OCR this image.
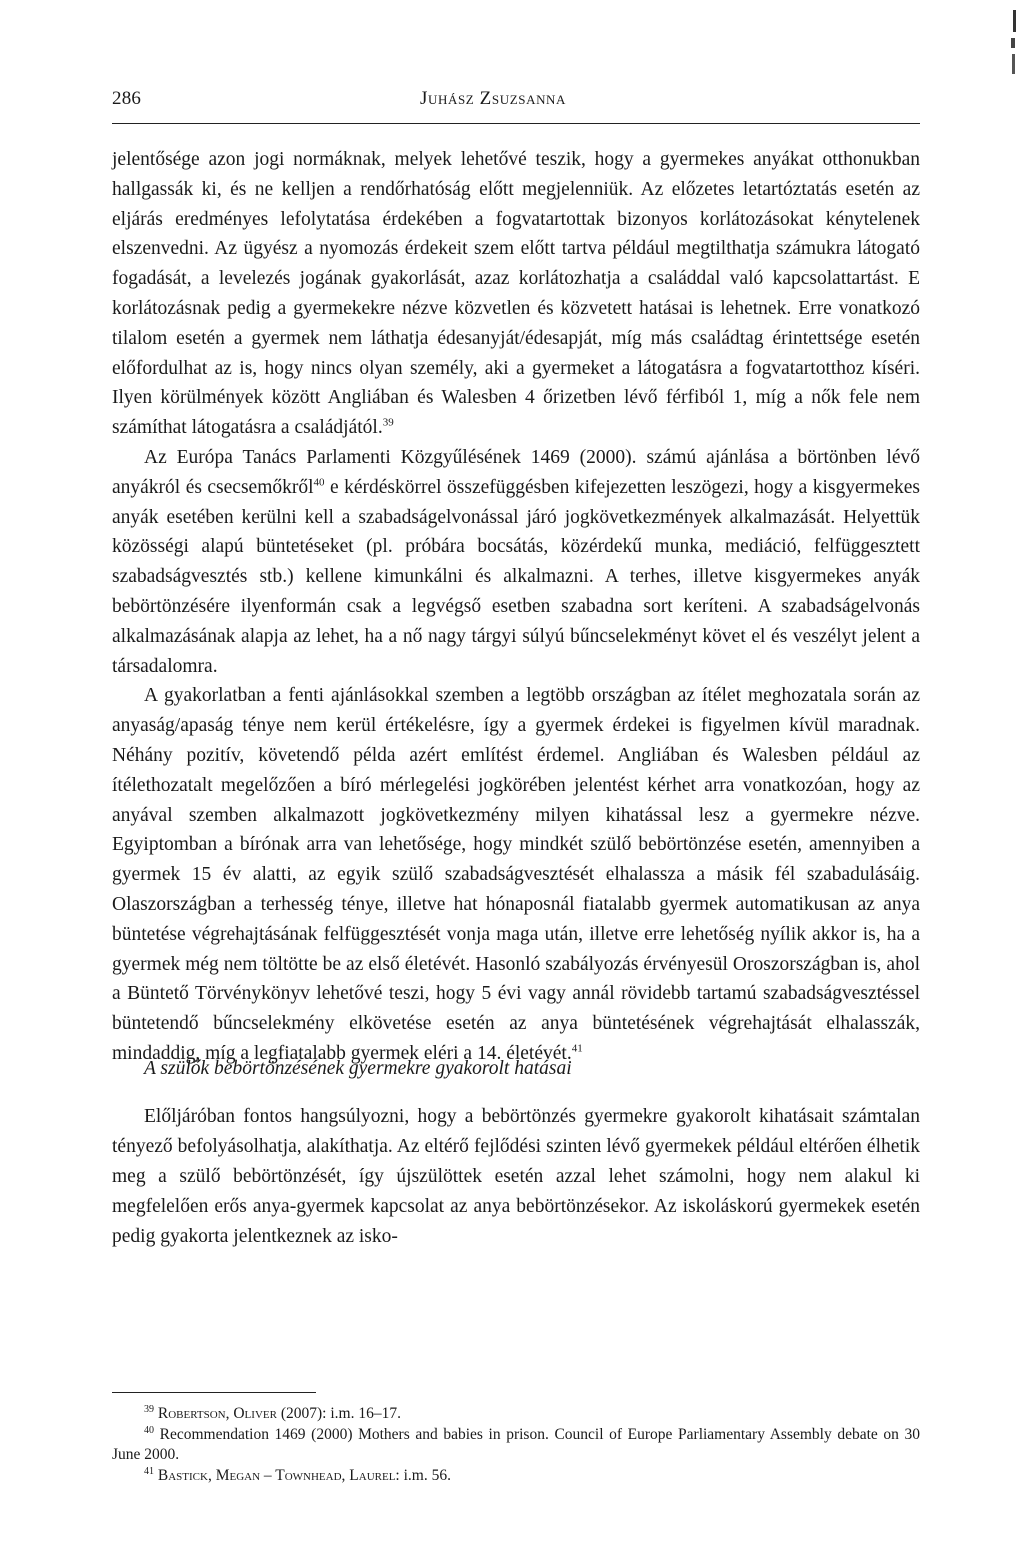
286	Juhász Zsuzsanna

jelentősége azon jogi normáknak, melyek lehetővé teszik, hogy a gyermekes anyákat otthonukban hallgassák ki, és ne kelljen a rendőrhatóság előtt megjelenniük. Az előzetes letartóztatás esetén az eljárás eredményes lefolytatása érdekében a fogvatartottak bizonyos korlátozásokat kénytelenek elszenvedni. Az ügyész a nyomozás érdekeit szem előtt tartva például megtilthatja számukra látogató fogadását, a levelezés jogának gyakorlását, azaz korlátozhatja a családdal való kapcsolattartást. E korlátozásnak pedig a gyermekekre nézve közvetlen és közvetett hatásai is lehetnek. Erre vonatkozó tilalom esetén a gyermek nem láthatja édesanyját/édesapját, míg más családtag érintettsége esetén előfordulhat az is, hogy nincs olyan személy, aki a gyermeket a látogatásra a fogvatartotthoz kíséri. Ilyen körülmények között Angliában és Walesben 4 őrizetben lévő férfiból 1, míg a nők fele nem számíthat látogatásra a családjától.$^{39}$

Az Európa Tanács Parlamenti Közgyűlésének 1469 (2000). számú ajánlása a börtönben lévő anyákról és csecsemőkről$^{40}$ e kérdéskörrel összefüggésben kifejezetten leszögezi, hogy a kisgyermekes anyák esetében kerülni kell a szabadságelvonással járó jogkövetkezmények alkalmazását. Helyettük közösségi alapú büntetéseket (pl. próbára bocsátás, közérdekű munka, mediáció, felfüggesztett szabadságvesztés stb.) kellene kimunkálni és alkalmazni. A terhes, illetve kisgyermekes anyák bebörtönzésére ilyenformán csak a legvégső esetben szabadna sort keríteni. A szabadságelvonás alkalmazásának alapja az lehet, ha a nő nagy tárgyi súlyú bűncselekményt követ el és veszélyt jelent a társadalomra.

A gyakorlatban a fenti ajánlásokkal szemben a legtöbb országban az ítélet meghozatala során az anyaság/apaság ténye nem kerül értékelésre, így a gyermek érdekei is figyelmen kívül maradnak. Néhány pozitív, követendő példa azért említést érdemel. Angliában és Walesben például az ítélethozatalt megelőzően a bíró mérlegelési jogkörében jelentést kérhet arra vonatkozóan, hogy az anyával szemben alkalmazott jogkövetkezmény milyen kihatással lesz a gyermekre nézve. Egyiptomban a bírónak arra van lehetősége, hogy mindkét szülő bebörtönzése esetén, amennyiben a gyermek 15 év alatti, az egyik szülő szabadságvesztését elhalassza a másik fél szabadulásáig. Olaszországban a terhesség ténye, illetve hat hónaposnál fiatalabb gyermek automatikusan az anya büntetése végrehajtásának felfüggesztését vonja maga után, illetve erre lehetőség nyílik akkor is, ha a gyermek még nem töltötte be az első életévét. Hasonló szabályozás érvényesül Oroszországban is, ahol a Büntető Törvénykönyv lehetővé teszi, hogy 5 évi vagy annál rövidebb tartamú szabadságvesztéssel büntetendő bűncselekmény elkövetése esetén az anya büntetésének végrehajtását elhalasszák, mindaddig, míg a legfiatalabb gyermek eléri a 14. életévét.$^{41}$

A szülők bebörtönzésének gyermekre gyakorolt hatásai

Előljáróban fontos hangsúlyozni, hogy a bebörtönzés gyermekre gyakorolt kihatásait számtalan tényező befolyásolhatja, alakíthatja. Az eltérő fejlődési szinten lévő gyermekek például eltérően élhetik meg a szülő bebörtönzését, így újszülöttek esetén azzal lehet számolni, hogy nem alakul ki megfelelően erős anya-gyermek kapcsolat az anya bebörtönzésekor. Az iskoláskorú gyermekek esetén pedig gyakorta jelentkeznek az isko-

$^{39}$ Robertson, Oliver (2007): i.m. 16–17.

$^{40}$ Recommendation 1469 (2000) Mothers and babies in prison. Council of Europe Parliamentary Assembly debate on 30 June 2000.

$^{41}$ Bastick, Megan – Townhead, Laurel: i.m. 56.
